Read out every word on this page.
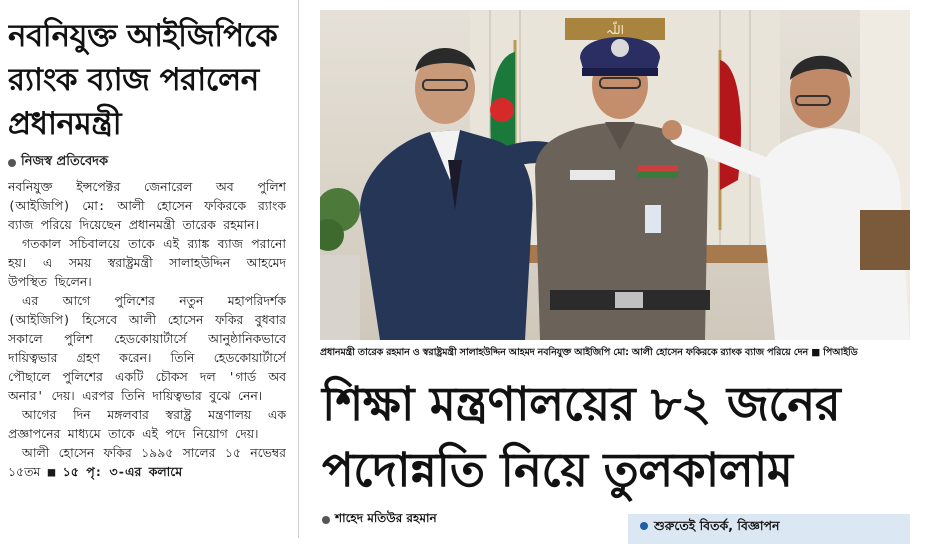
নবনিযুক্ত আইজিপিকে
র‍্যাংক ব্যাজ পরালেন
প্রধানমন্ত্রী
নিজস্ব প্রতিবেদক

নবনিযুক্ত ইন্সপেক্টর জেনারেল অব পুলিশ (আইজিপি) মো: আলী হোসেন ফকিরকে র‍্যাংক ব্যাজ পরিয়ে দিয়েছেন প্রধানমন্ত্রী তারেক রহমান।

গতকাল সচিবালয়ে তাকে এই র‍্যাঙ্ক ব্যাজ পরানো হয়। এ সময় স্বরাষ্ট্রমন্ত্রী সালাহউদ্দিন আহমেদ উপস্থিত ছিলেন।

এর আগে পুলিশের নতুন মহাপরিদর্শক (আইজিপি) হিসেবে আলী হোসেন ফকির বুধবার সকালে পুলিশ হেডকোয়ার্টার্সে আনুষ্ঠানিকভাবে দায়িত্বভার গ্রহণ করেন। তিনি হেডকোয়ার্টার্সে পৌছালে পুলিশের একটি চৌকস দল 'গার্ড অব অনার' দেয়। এরপর তিনি দায়িত্বভার বুঝে নেন।

আগের দিন মঙ্গলবার স্বরাষ্ট্র মন্ত্রণালয় এক প্রজ্ঞাপনের মাধ্যমে তাকে এই পদে নিয়োগ দেয়।

আলী হোসেন ফকির ১৯৯৫ সালের ১৫ নভেম্বর ১৫তম ■ ১৫ পৃ: ৩-এর কলামে

اللّٰہ
প্রধানমন্ত্রী তারেক রহমান ও স্বরাষ্ট্রমন্ত্রী সালাহউদ্দিন আহমদ নবনিযুক্ত আইজিপি মো: আলী হোসেন ফকিরকে র‍্যাংক ব্যাজ পরিয়ে দেন ■ পিআইডি
শিক্ষা মন্ত্রণালয়ের ৮২ জনের
পদোন্নতি নিয়ে তুলকালাম
শাহেদ মতিউর রহমান	শুরুতেই বিতর্ক, বিজ্ঞাপন
